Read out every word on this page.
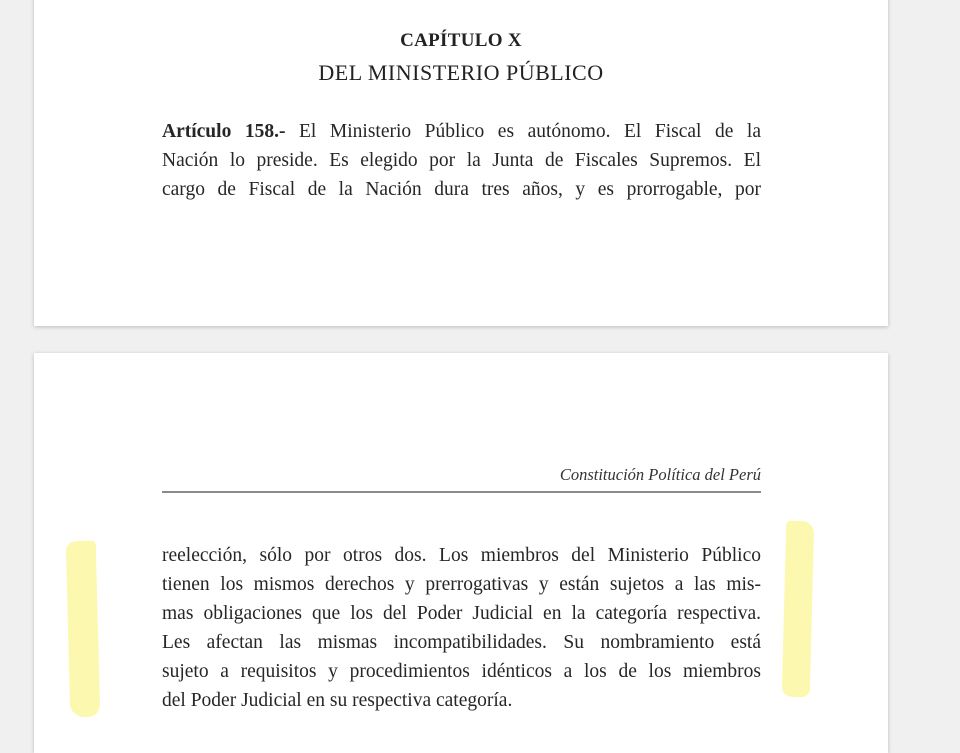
CAPÍTULO X
DEL MINISTERIO PÚBLICO

Artículo 158.- El Ministerio Público es autónomo. El Fiscal de la
Nación lo preside. Es elegido por la Junta de Fiscales Supremos. El
cargo de Fiscal de la Nación dura tres años, y es prorrogable, por

Constitución Política del Perú

reelección, sólo por otros dos. Los miembros del Ministerio Público
tienen los mismos derechos y prerrogativas y están sujetos a las mis-
mas obligaciones que los del Poder Judicial en la categoría respectiva.
Les afectan las mismas incompatibilidades. Su nombramiento está
sujeto a requisitos y procedimientos idénticos a los de los miembros
del Poder Judicial en su respectiva categoría.
